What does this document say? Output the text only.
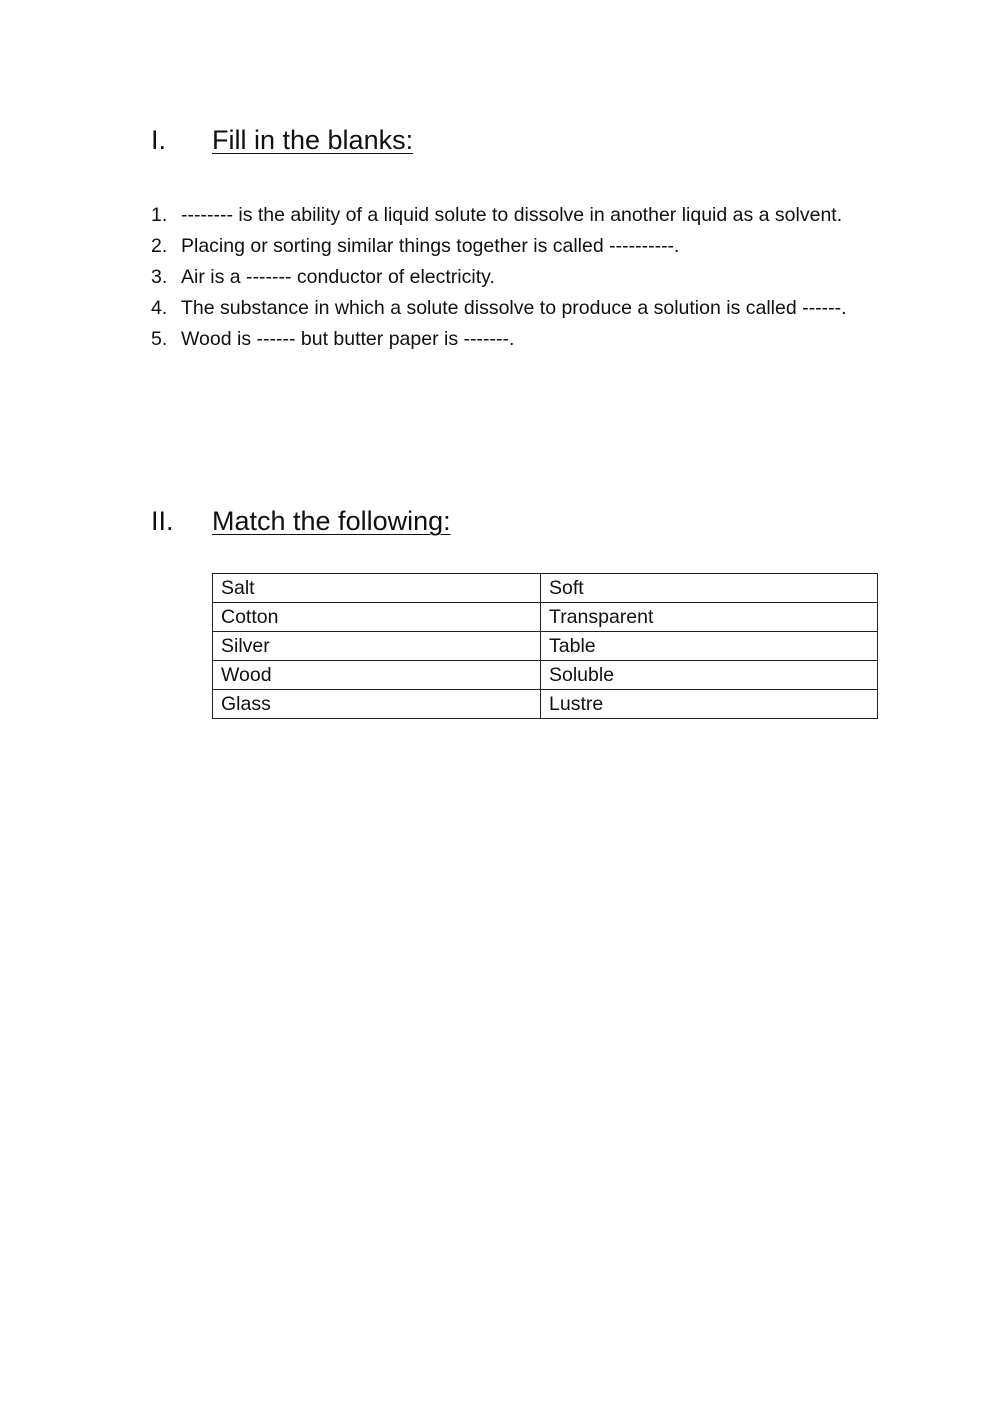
I. Fill in the blanks:
1. -------- is the ability of a liquid solute to dissolve in another liquid as a solvent.
2. Placing or sorting similar things together is called ----------.
3. Air is a ------- conductor of electricity.
4. The substance in which a solute dissolve to produce a solution is called ------.
5. Wood is ------ but butter paper is -------.
II. Match the following:
Salt	Soft
Cotton	Transparent
Silver	Table
Wood	Soluble
Glass	Lustre
